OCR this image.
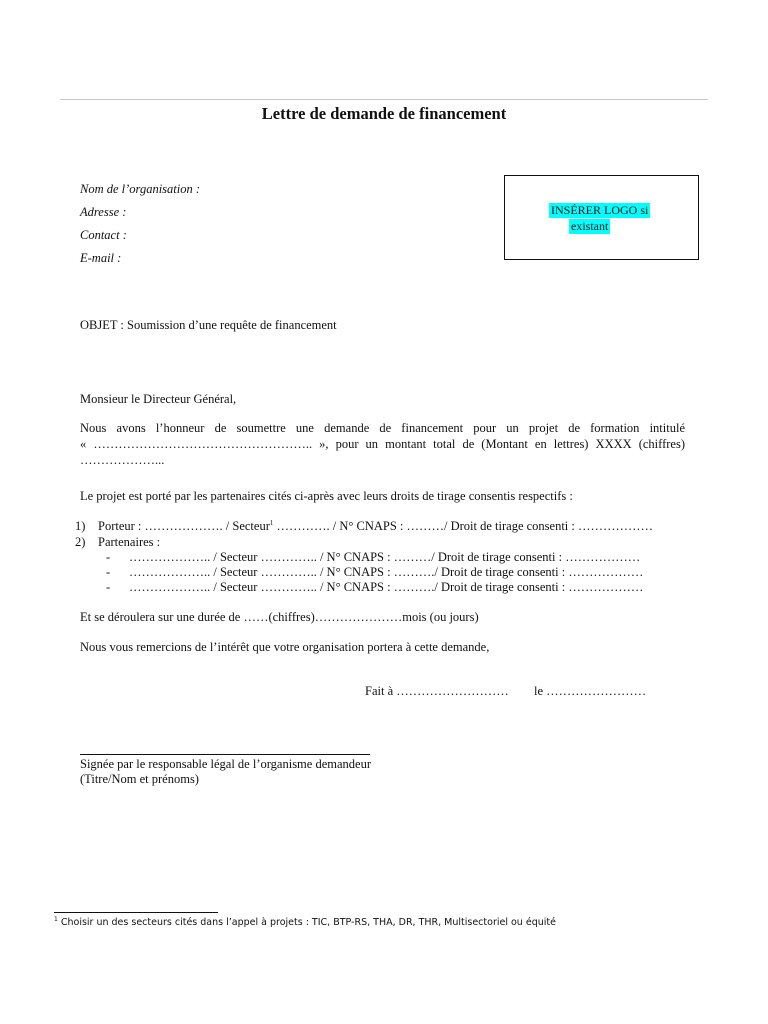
Lettre de demande de financement
Nom de l’organisation :
Adresse :
Contact :
E-mail :
INSÉRER LOGO si
existant
OBJET : Soumission d’une requête de financement
Monsieur le Directeur Général,
Nous avons l’honneur de soumettre une demande de financement pour un projet de formation intitulé
« …………………………………………….. », pour un montant total de (Montant en lettres) XXXX (chiffres)
………………...
Le projet est porté par les partenaires cités ci-après avec leurs droits de tirage consentis respectifs :
1) Porteur : ………………. / Secteur$^1$ …………. / N° CNAPS : ………/ Droit de tirage consenti : ………………
2) Partenaires :
- ……………….. / Secteur ………….. / N° CNAPS : ………/ Droit de tirage consenti : ………………
- ……………….. / Secteur ………….. / N° CNAPS : ………./ Droit de tirage consenti : ………………
- ……………….. / Secteur ………….. / N° CNAPS : ………./ Droit de tirage consenti : ………………
Et se déroulera sur une durée de ……(chiffres)…………………mois (ou jours)
Nous vous remercions de l’intérêt que votre organisation portera à cette demande,
Fait à ……………………… le ……………………
Signée par le responsable légal de l’organisme demandeur
(Titre/Nom et prénoms)
$^1$ Choisir un des secteurs cités dans l’appel à projets : TIC, BTP-RS, THA, DR, THR, Multisectoriel ou équité
